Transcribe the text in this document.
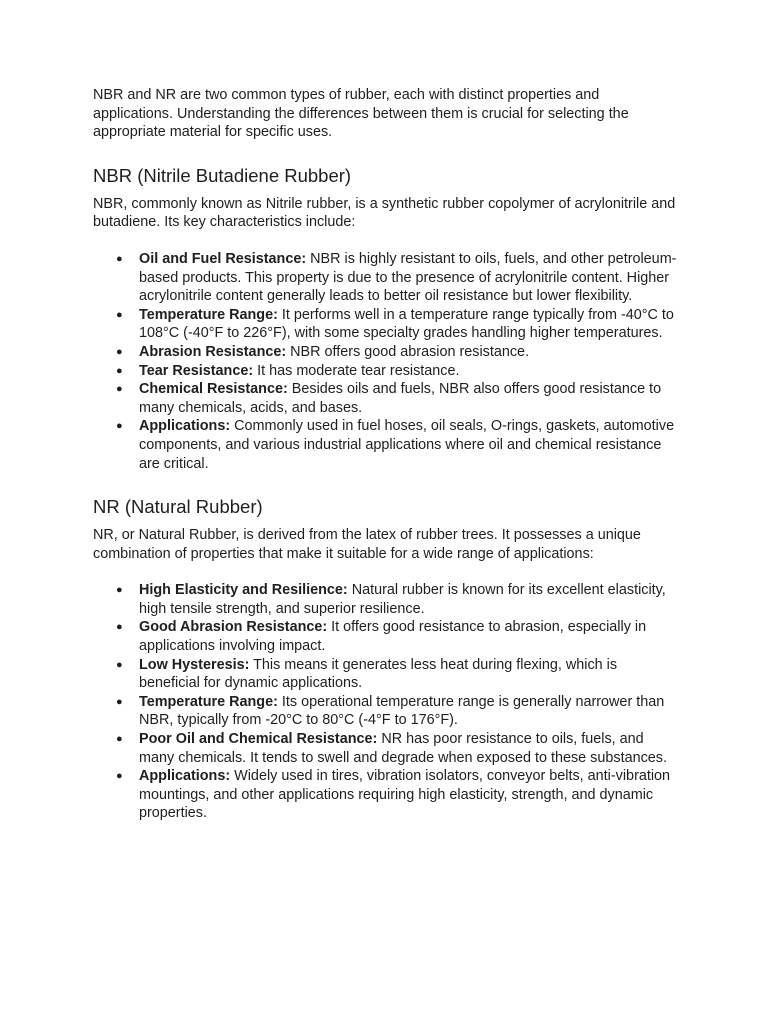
NBR and NR are two common types of rubber, each with distinct properties and applications. Understanding the differences between them is crucial for selecting the appropriate material for specific uses.

NBR (Nitrile Butadiene Rubber)

NBR, commonly known as Nitrile rubber, is a synthetic rubber copolymer of acrylonitrile and butadiene. Its key characteristics include:

● Oil and Fuel Resistance: NBR is highly resistant to oils, fuels, and other petroleum-based products. This property is due to the presence of acrylonitrile content. Higher acrylonitrile content generally leads to better oil resistance but lower flexibility.
● Temperature Range: It performs well in a temperature range typically from -40°C to 108°C (-40°F to 226°F), with some specialty grades handling higher temperatures.
● Abrasion Resistance: NBR offers good abrasion resistance.
● Tear Resistance: It has moderate tear resistance.
● Chemical Resistance: Besides oils and fuels, NBR also offers good resistance to many chemicals, acids, and bases.
● Applications: Commonly used in fuel hoses, oil seals, O-rings, gaskets, automotive components, and various industrial applications where oil and chemical resistance are critical.
NR (Natural Rubber)

NR, or Natural Rubber, is derived from the latex of rubber trees. It possesses a unique combination of properties that make it suitable for a wide range of applications:

● High Elasticity and Resilience: Natural rubber is known for its excellent elasticity, high tensile strength, and superior resilience.
● Good Abrasion Resistance: It offers good resistance to abrasion, especially in applications involving impact.
● Low Hysteresis: This means it generates less heat during flexing, which is beneficial for dynamic applications.
● Temperature Range: Its operational temperature range is generally narrower than NBR, typically from -20°C to 80°C (-4°F to 176°F).
● Poor Oil and Chemical Resistance: NR has poor resistance to oils, fuels, and many chemicals. It tends to swell and degrade when exposed to these substances.
● Applications: Widely used in tires, vibration isolators, conveyor belts, anti-vibration mountings, and other applications requiring high elasticity, strength, and dynamic properties.
